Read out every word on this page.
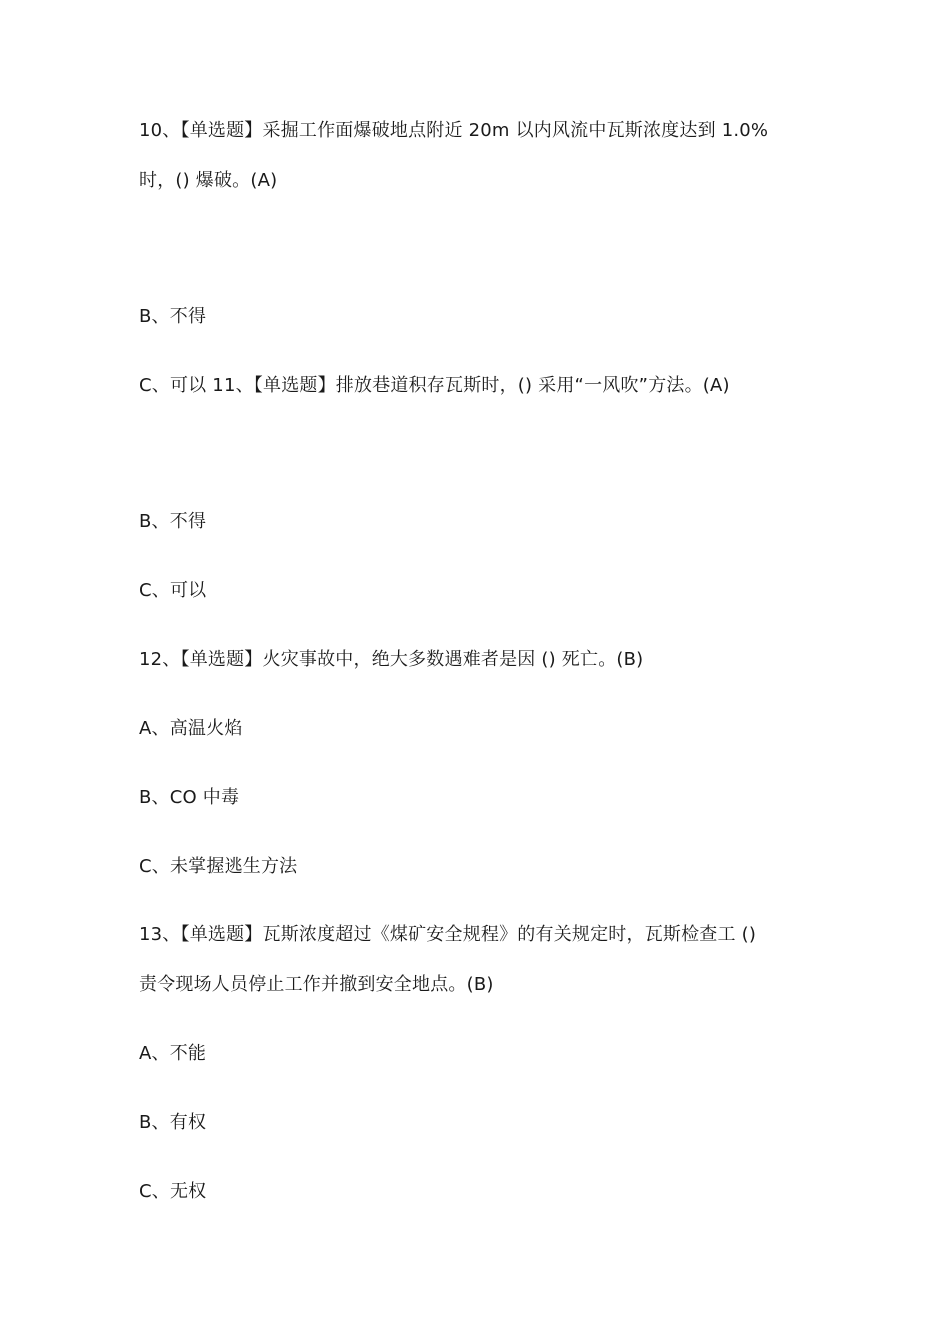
10、【单选题】采掘工作面爆破地点附近 20m 以内风流中瓦斯浓度达到 1.0%
时，() 爆破。(A)
B、不得
C、可以 11、【单选题】排放巷道积存瓦斯时，() 采用“一风吹”方法。(A)
B、不得
C、可以
12、【单选题】火灾事故中，绝大多数遇难者是因 () 死亡。(B)
A、高温火焰
B、CO 中毒
C、未掌握逃生方法
13、【单选题】瓦斯浓度超过《煤矿安全规程》的有关规定时，瓦斯检查工 ()
责令现场人员停止工作并撤到安全地点。(B)
A、不能
B、有权
C、无权
